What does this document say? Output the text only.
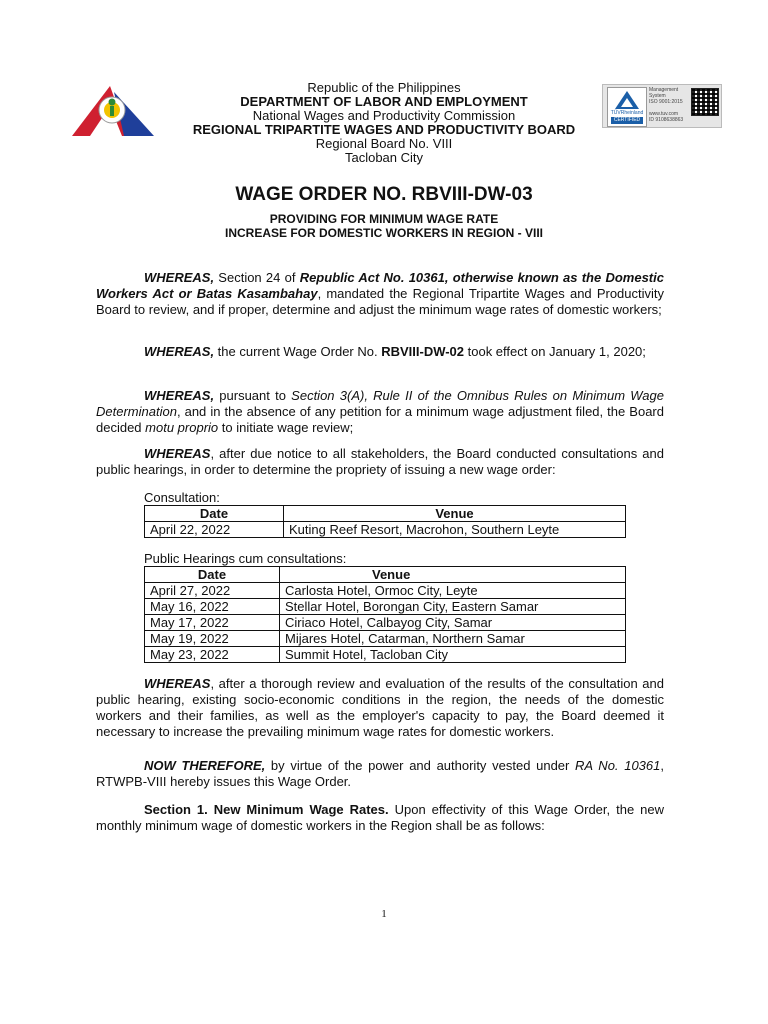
Republic of the Philippines
DEPARTMENT OF LABOR AND EMPLOYMENT
National Wages and Productivity Commission
REGIONAL TRIPARTITE WAGES AND PRODUCTIVITY BOARD
Regional Board No. VIII
Tacloban City
TÜVRheinland
CERTIFIED
Management
System
ISO 9001:2015
www.tuv.com
ID 9108638863
WAGE ORDER NO. RBVIII-DW-03
PROVIDING FOR MINIMUM WAGE RATE
INCREASE FOR DOMESTIC WORKERS IN REGION - VIII

WHEREAS, Section 24 of Republic Act No. 10361, otherwise known as the Domestic Workers Act or Batas Kasambahay, mandated the Regional Tripartite Wages and Productivity Board to review, and if proper, determine and adjust the minimum wage rates of domestic workers;

WHEREAS, the current Wage Order No. RBVIII-DW-02 took effect on January 1, 2020;

WHEREAS, pursuant to Section 3(A), Rule II of the Omnibus Rules on Minimum Wage Determination, and in the absence of any petition for a minimum wage adjustment filed, the Board decided motu proprio to initiate wage review;

WHEREAS, after due notice to all stakeholders, the Board conducted consultations and public hearings, in order to determine the propriety of issuing a new wage order:

Consultation:
Date	Venue
April 22, 2022	Kuting Reef Resort, Macrohon, Southern Leyte
Public Hearings cum consultations:
Date	Venue
April 27, 2022	Carlosta Hotel, Ormoc City, Leyte
May 16, 2022	Stellar Hotel, Borongan City, Eastern Samar
May 17, 2022	Ciriaco Hotel, Calbayog City, Samar
May 19, 2022	Mijares Hotel, Catarman, Northern Samar
May 23, 2022	Summit Hotel, Tacloban City

WHEREAS, after a thorough review and evaluation of the results of the consultation and public hearing, existing socio-economic conditions in the region, the needs of the domestic workers and their families, as well as the employer's capacity to pay, the Board deemed it necessary to increase the prevailing minimum wage rates for domestic workers.

NOW THEREFORE, by virtue of the power and authority vested under RA No. 10361, RTWPB-VIII hereby issues this Wage Order.

Section 1. New Minimum Wage Rates. Upon effectivity of this Wage Order, the new monthly minimum wage of domestic workers in the Region shall be as follows:

1
